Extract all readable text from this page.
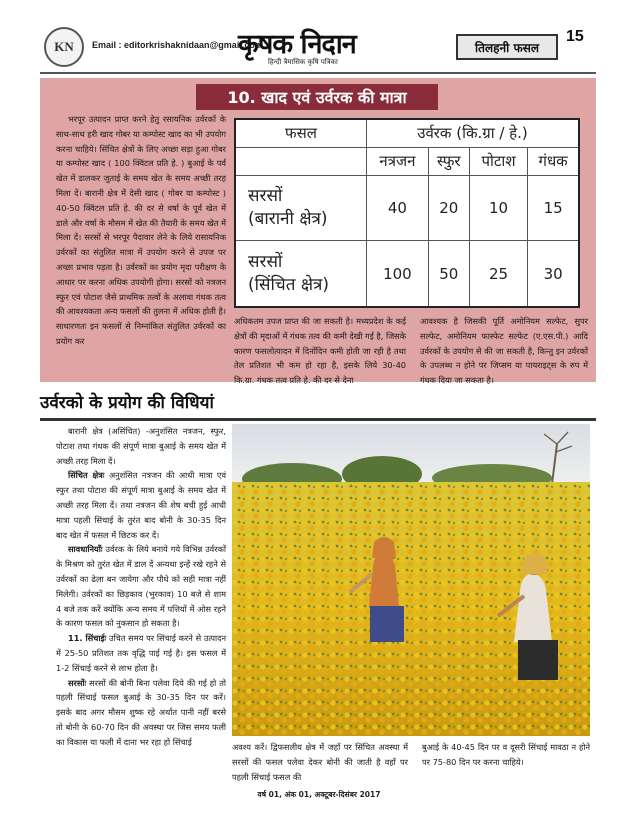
KN Email : editorkrishaknidaan@gmail.com
कृषक निदान
हिन्दी त्रैमासिक कृषि पत्रिका
तिलहनी फसल
15
10. खाद एवं उर्वरक की मात्रा
भरपूर उत्पादन प्राप्त करने हेतु रसायनिक उर्वरकों के साथ-साथ हरी खाद गोबर या कम्पोस्ट खाद का भी उपयोग करना चाहिये। सिंचित क्षेत्रों के लिए अच्छा सड़ा हुआ गोबर या कम्पोस्ट खाद ( 100 क्विंटल प्रति हे. ) बुआई के पर्व खेत में डालकर जुताई के समय खेत के समय अच्छी तरह मिला दें। बारानी क्षेत्र में देसी खाद ( गोबर या कम्पोस्ट ) 40-50 क्विंटल प्रति हे. की दर से वर्षा के पूर्व खेत में डाले और वर्षा के मौसम में खेत की तैयारी के समय खेत में मिला दें। सरसों से भरपूर पैदावार लेने के लिये रासायनिक उर्वरकों का संतुलित मात्रा में उपयोग करने से उपज पर अच्छा प्रभाव पड़ता है। उर्वरकों का प्रयोग मृदा परीक्षण के आधार पर करना अधिक उपयोगी होगा। सरसों को नत्रजन स्फुर एवं पोटाश जैसे प्राथमिक तत्वों के अलावा गंधक तत्व की आवश्यकता अन्य फसलों की तुलना में अधिक होती है। साधारणतः इन फसलों से निम्नांकित संतुलित उर्वरकों का प्रयोग कर
फसल	उर्वरक (कि.ग्रा / हे.)			
	नत्रजन	स्फुर	पोटाश	गंधक

सरसों
(बारानी क्षेत्र)	40	20	10	15

सरसों
(सिंचित क्षेत्र)	100	50	25	30
अधिकतम उपज प्राप्त की जा सकती है। मध्यप्रदेश के कई क्षेत्रों की मृदाओं में गंधक तत्व की कमी देखी गई है, जिसके कारण फसलोत्पादन में दिनोंदिन कमी होती जा रही है तथा तेल प्रतिशत भी कम हो रहा है, इसके लिये 30-40 कि.ग्रा. गंधक तत्व प्रति हे. की दर से देना
आवश्यक है जिसकी पूर्ति अमोनियम सल्फेट, सुपर सल्फेट, अमोनियम फास्फेट सल्फेट (ए.एस.पी.) आदि उर्वरकों के उपयोग से की जा सकती है, किन्तु इन उर्वरकों के उपलब्ध न होने पर जिप्सम या पायराइट्स के रुप में गंधक दिया जा सकता है।
उर्वरको के प्रयोग की विधियां

बारानी क्षेत्र (असिंचित) -अनुशंसित नत्रजन, स्फुर, पोटाश तथा गंधक की संपूर्ण मात्रा बुआई के समय खेत में अच्छी तरह मिला दें।

सिंचित क्षेत्रः अनुशंसित नत्रजन की आधी मात्रा एवं स्फुर तथा पोटाश की संपूर्ण मात्रा बुआई के समय खेत में अच्छी तरह मिला दें। तथा नत्रजन की शेष बची हुई आधी मात्रा पहली सिंचाई के तुरंत बाद बोनी के 30-35 दिन बाद खेत में फसल में छिटक कर दें।

सावधानियाँः उर्वरक के लिये बनाये गये विभिन्न उर्वरकों के मिश्रण को तुरंत खेत में डाल दें अन्यथा इन्हें रखे रहने से उर्वरकों का ढेला बन जायेगा और पौधे को सही मात्रा नहीं मिलेगी। उर्वरकों का छिड़काव (भुरकाव) 10 बजे से शाम 4 बजे तक करें क्योंकि अन्य समय में पत्तियों में ओस रहने के कारण फसल को नुकसान हो सकता है।

11. सिंचाईः उचित समय पर सिंचाई करने से उत्पादन में 25-50 प्रतिशत तक वृद्धि पाई गई है। इस फसल में 1-2 सिंचाई करने से लाभ होता है।

सरसोंः सरसों की बोनी बिना पलेवा दिये की गई हो तो पहली सिंचाई फसल बुआई के 30-35 दिन पर करें। इसके बाद अगर मौसम शुष्क रहे अर्थात पानी नहीं बरसे तो बोनी के 60-70 दिन की अवस्था पर जिस समय फली का विकास या फली में दाना भर रहा हो सिंचाई

अवश्य करें। द्विफसलीय क्षेत्र में जहाँ पर सिंचित अवस्था में सरसों की फसल पलेवा देकर बोनी की जाती है वहाँ पर पहली सिंचाई फसल की
बुआई के 40-45 दिन पर व दूसरी सिंचाई मावठा न होने पर 75-80 दिन पर करना चाहिये।
वर्ष 01, अंक 01, अक्टूबर-दिसंबर 2017
